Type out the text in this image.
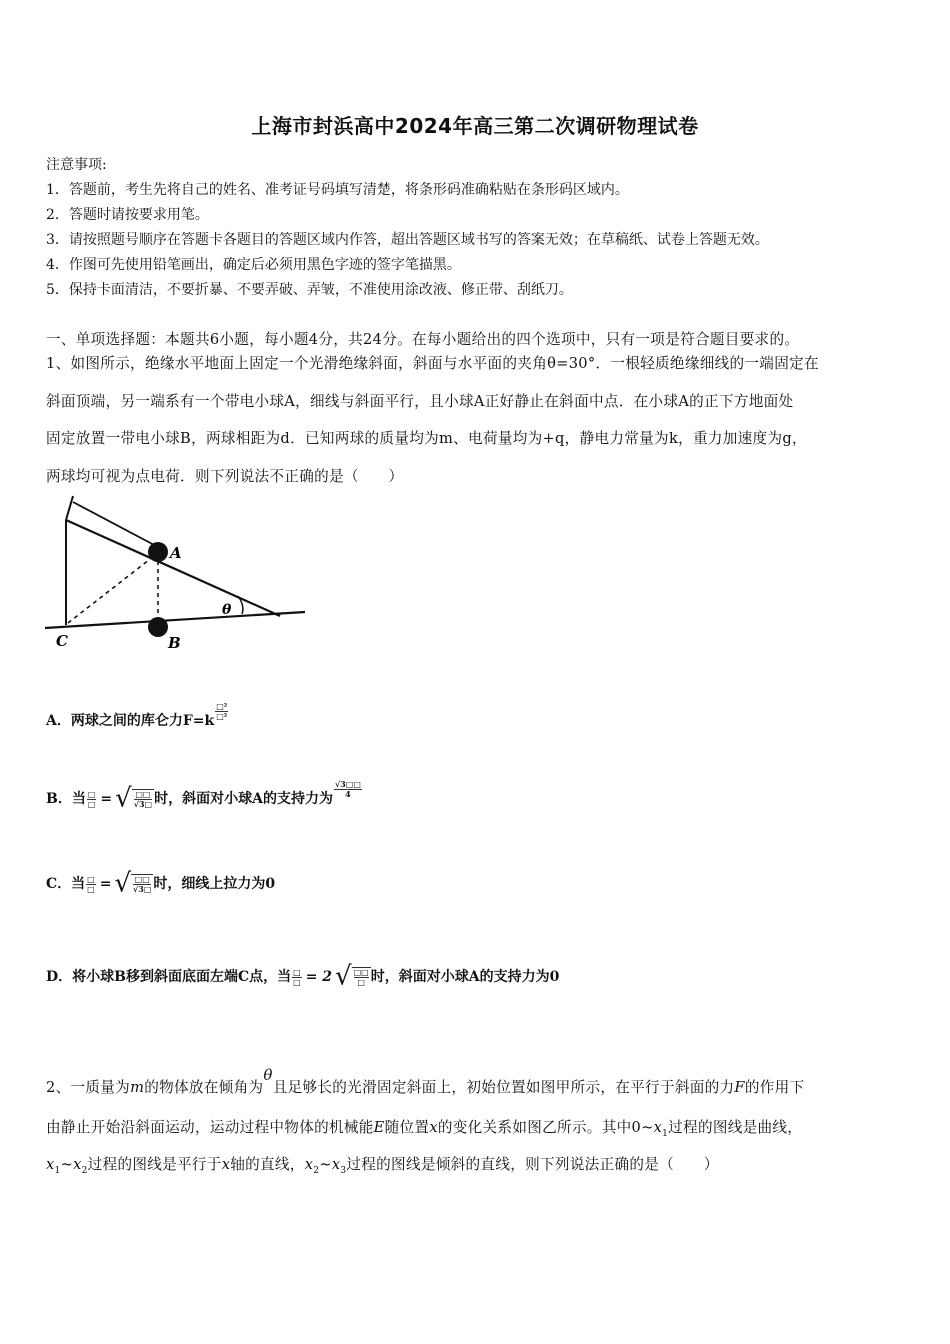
上海市封浜高中2024年高三第二次调研物理试卷
注意事项:
1．答题前，考生先将自己的姓名、准考证号码填写清楚，将条形码准确粘贴在条形码区域内。
2．答题时请按要求用笔。
3．请按照题号顺序在答题卡各题目的答题区域内作答，超出答题区域书写的答案无效；在草稿纸、试卷上答题无效。
4．作图可先使用铅笔画出，确定后必须用黑色字迹的签字笔描黑。
5．保持卡面清洁，不要折暴、不要弄破、弄皱，不准使用涂改液、修正带、刮纸刀。
一、单项选择题：本题共6小题，每小题4分，共24分。在每小题给出的四个选项中，只有一项是符合题目要求的。
1、如图所示，绝缘水平地面上固定一个光滑绝缘斜面，斜面与水平面的夹角θ=30°．一根轻质绝缘细线的一端固定在
斜面顶端，另一端系有一个带电小球A，细线与斜面平行，且小球A正好静止在斜面中点．在小球A的正下方地面处
固定放置一带电小球B，两球相距为d．已知两球的质量均为m、电荷量均为+q，静电力常量为k，重力加速度为g，
两球均可视为点电荷．则下列说法不正确的是（　　）
A
B
C
θ
A．两球之间的库仑力$F=k \frac{\text{□²}}{\text{□²}}$
B．当 $\frac{□}{□}$ = √ □□
√3□ 时，斜面对小球A的支持力为 $\frac{√3□□}{4}$
C．当 $\frac{□}{□}$ = √ □□
√3□ 时，细线上拉力为0
D．将小球B移到斜面底面左端C点，当 $\frac{□}{□} = 2$ √ □□
□ 时，斜面对小球A的支持力为0
2、一质量为m的物体放在倾角为θ且足够长的光滑固定斜面上，初始位置如图甲所示，在平行于斜面的力F的作用下
由静止开始沿斜面运动，运动过程中物体的机械能E随位置x的变化关系如图乙所示。其中$0\sim x_1$过程的图线是曲线，
$x_1\sim x_2$过程的图线是平行于x轴的直线，$x_2\sim x_3$过程的图线是倾斜的直线，则下列说法正确的是（　　）
